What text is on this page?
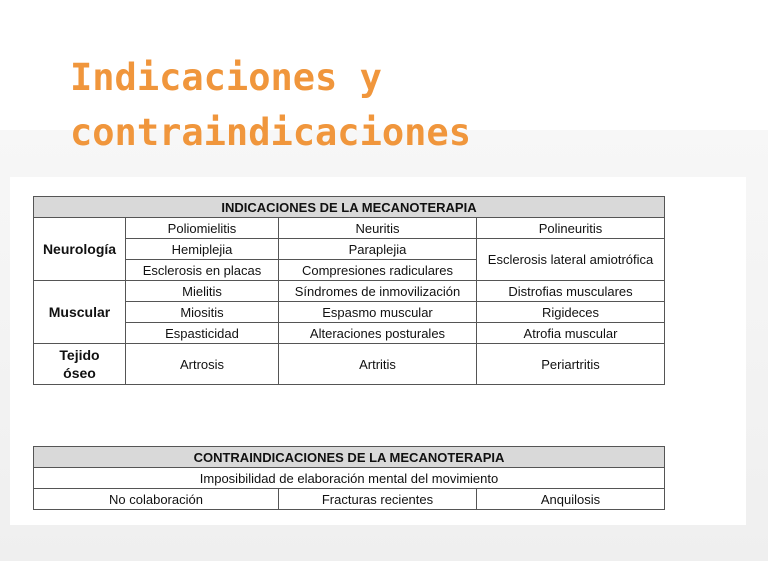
Indicaciones y
contraindicaciones
INDICACIONES DE LA MECANOTERAPIA			
Neurología	Poliomielitis	Neuritis	Polineuritis
	Hemiplejia	Paraplejia	Esclerosis lateral amiotrófica
	Esclerosis en placas	Compresiones radiculares	
Muscular	Mielitis	Síndromes de inmovilización	Distrofias musculares
	Miositis	Espasmo muscular	Rigideces
	Espasticidad	Alteraciones posturales	Atrofia muscular
Tejido
óseo	Artrosis	Artritis	Periartritis
CONTRAINDICACIONES DE LA MECANOTERAPIA
Imposibilidad de elaboración mental del movimiento
No colaboración	Fracturas recientes	Anquilosis
